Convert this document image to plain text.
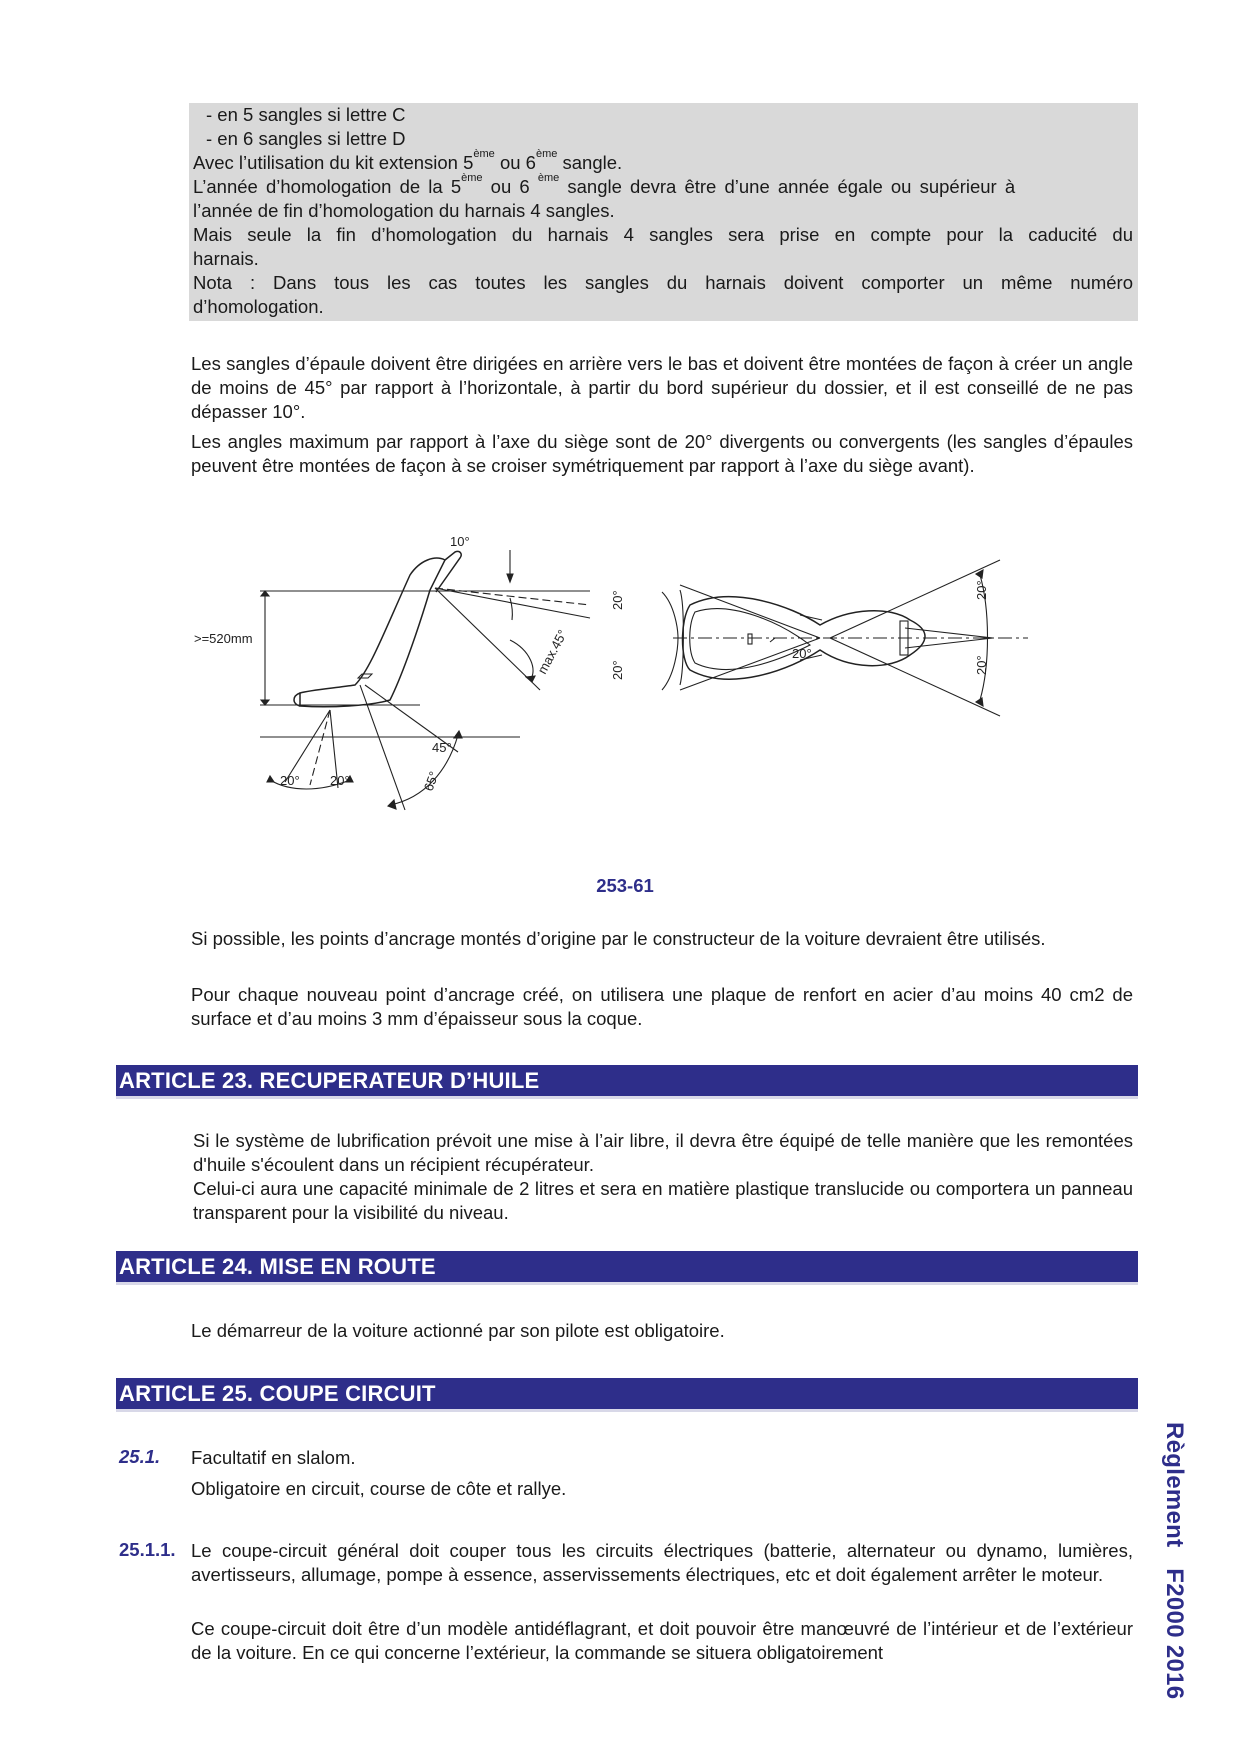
- en 5 sangles si lettre C
- en 6 sangles si lettre D
Avec l’utilisation du kit extension 5ème ou 6ème sangle.
L’année d’homologation de la 5ème ou 6 $^{ème}$ sangle devra être d’une année égale ou supérieur à
l’année de fin d’homologation du harnais 4 sangles.
Mais seule la fin d’homologation du harnais 4 sangles sera prise en compte pour la caducité du
harnais.
Nota : Dans tous les cas toutes les sangles du harnais doivent comporter un même numéro
d’homologation.
Les sangles d’épaule doivent être dirigées en arrière vers le bas et doivent être montées de façon à créer un angle de moins de 45° par rapport à l’horizontale, à partir du bord supérieur du dossier, et il est conseillé de ne pas dépasser 10°.
Les angles maximum par rapport à l’axe du siège sont de 20° divergents ou convergents (les sangles d’épaules peuvent être montées de façon à se croiser symétriquement par rapport à l’axe du siège avant).
10°
>=520mm	max.45°
45°
65°
20° 20°
20°
20°
20°
20°
20°
253-61
Si possible, les points d’ancrage montés d’origine par le constructeur de la voiture devraient être utilisés.
Pour chaque nouveau point d’ancrage créé, on utilisera une plaque de renfort en acier d’au moins 40 cm2 de surface et d’au moins 3 mm d’épaisseur sous la coque.
ARTICLE 23. RECUPERATEUR D’HUILE
Si le système de lubrification prévoit une mise à l’air libre, il devra être équipé de telle manière que les remontées d'huile s'écoulent dans un récipient récupérateur.
Celui-ci aura une capacité minimale de 2 litres et sera en matière plastique translucide ou comportera un panneau transparent pour la visibilité du niveau.
ARTICLE 24. MISE EN ROUTE
Le démarreur de la voiture actionné par son pilote est obligatoire.
ARTICLE 25. COUPE CIRCUIT
25.1. Facultatif en slalom.
Obligatoire en circuit, course de côte et rallye.
25.1.1. Le coupe-circuit général doit couper tous les circuits électriques (batterie, alternateur ou dynamo, lumières, avertisseurs, allumage, pompe à essence, asservissements électriques, etc et doit également arrêter le moteur.
Ce coupe-circuit doit être d’un modèle antidéflagrant, et doit pouvoir être manœuvré de l’intérieur et de l’extérieur de la voiture. En ce qui concerne l’extérieur, la commande se situera obligatoirement	Règlement   F2000 2016
